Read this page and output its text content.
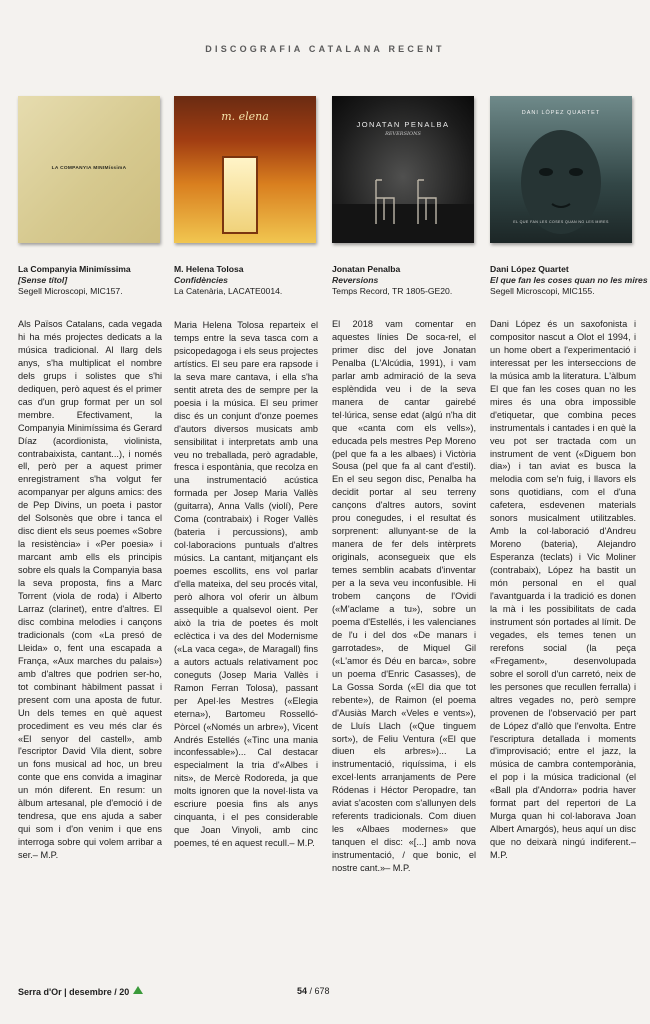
DISCOGRAFIA CATALANA RECENT
LA COMPANYIA MINIMíssimA
m. elena
JONATAN PENALBA
REVERSIONS
DANI LÓPEZ QUARTET
EL QUE FAN LES COSES QUAN NO LES MIRES
La Companyia Minimíssima
[Sense títol]
Segell Microscopi, MIC157.
M. Helena Tolosa
Confidències
La Catenària, LACATE0014.
Jonatan Penalba
Reversions
Temps Record, TR 1805-GE20.
Dani López Quartet
El que fan les coses quan no les mires
Segell Microscopi, MIC155.
Als Països Catalans, cada vegada hi ha més projectes dedicats a la música tradicional. Al llarg dels anys, s'ha multiplicat el nombre dels grups i solistes que s'hi dediquen, però aquest és el primer cas d'un grup format per un sol membre. Efectivament, la Companyia Minimíssima és Gerard Díaz (acordionista, violinista, contrabaixista, cantant...), i només ell, però per a aquest primer enregistrament s'ha volgut fer acompanyar per alguns amics: des de Pep Divins, un poeta i pastor del Solsonès que obre i tanca el disc dient els seus poemes «Sobre la resistència» i «Per poesia» i marcant amb ells els principis sobre els quals la Companyia basa la seva proposta, fins a Marc Torrent (viola de roda) i Alberto Larraz (clarinet), entre d'altres. El disc combina melodies i cançons tradicionals (com «La presó de Lleida» o, fent una escapada a França, «Aux marches du palais») amb d'altres que podrien ser-ho, tot combinant hàbilment passat i present com una aposta de futur. Un dels temes en què aquest procediment es veu més clar és «El senyor del castell», amb l'escriptor David Vila dient, sobre un fons musical ad hoc, un breu conte que ens convida a imaginar un món diferent. En resum: un àlbum artesanal, ple d'emoció i de tendresa, que ens ajuda a saber qui som i d'on venim i que ens interroga sobre qui volem arribar a ser.– M.P.
Maria Helena Tolosa reparteix el temps entre la seva tasca com a psicopedagoga i els seus projectes artístics. El seu pare era rapsode i la seva mare cantava, i ella s'ha sentit atreta des de sempre per la poesia i la música. El seu primer disc és un conjunt d'onze poemes d'autors diversos musicats amb sensibilitat i interpretats amb una veu no treballada, però agradable, fresca i espontània, que recolza en una instrumentació acústica formada per Josep Maria Vallès (guitarra), Anna Valls (violí), Pere Coma (contrabaix) i Roger Vallès (bateria i percussions), amb col·laboracions puntuals d'altres músics. La cantant, mitjançant els poemes escollits, ens vol parlar d'ella mateixa, del seu procés vital, però alhora vol oferir un àlbum assequible a qualsevol oient. Per això la tria de poetes és molt eclèctica i va des del Modernisme («La vaca cega», de Maragall) fins a autors actuals relativament poc coneguts (Josep Maria Vallès i Ramon Ferran Tolosa), passant per Apel·les Mestres («Elegia eterna»), Bartomeu Rosselló-Pòrcel («Només un arbre»), Vicent Andrés Estellés («Tinc una mania inconfessable»)... Cal destacar especialment la tria d'«Albes i nits», de Mercè Rodoreda, ja que molts ignoren que la novel·lista va escriure poesia fins als anys cinquanta, i el pes considerable que Joan Vinyoli, amb cinc poemes, té en aquest recull.– M.P.
El 2018 vam comentar en aquestes línies De soca-rel, el primer disc del jove Jonatan Penalba (L'Alcúdia, 1991), i vam parlar amb admiració de la seva esplèndida veu i de la seva manera de cantar gairebé tel·lúrica, sense edat (algú n'ha dit que «canta com els vells»), educada pels mestres Pep Moreno (pel que fa a les albaes) i Victòria Sousa (pel que fa al cant d'estil). En el seu segon disc, Penalba ha decidit portar al seu terreny cançons d'altres autors, sovint prou conegudes, i el resultat és sorprenent: allunyant-se de la manera de fer dels intèrprets originals, aconsegueix que els temes semblin acabats d'inventar per a la seva veu inconfusible. Hi trobem cançons de l'Ovidi («M'aclame a tu»), sobre un poema d'Estellés, i les valencianes de l'u i del dos «De manars i garrotades», de Miquel Gil («L'amor és Déu en barca», sobre un poema d'Enric Casasses), de La Gossa Sorda («El dia que tot rebente»), de Raimon (el poema d'Ausiàs March «Veles e vents»), de Lluís Llach («Que tinguem sort»), de Feliu Ventura («El que diuen els arbres»)... La instrumentació, riquíssima, i els excel·lents arranjaments de Pere Ródenas i Héctor Peropadre, tan aviat s'acosten com s'allunyen dels referents tradicionals. Com diuen les «Albaes modernes» que tanquen el disc: «[...] amb nova instrumentació, / que bonic, el nostre cant.»– M.P.
Dani López és un saxofonista i compositor nascut a Olot el 1994, i un home obert a l'experimentació i interessat per les interseccions de la música amb la literatura. L'àlbum El que fan les coses quan no les mires és una obra impossible d'etiquetar, que combina peces instrumentals i cantades i en què la veu pot ser tractada com un instrument de vent («Diguem bon dia») i tan aviat es busca la melodia com se'n fuig, i llavors els sons quotidians, com el d'una cafetera, esdevenen materials sonors musicalment utilitzables. Amb la col·laboració d'Andreu Moreno (bateria), Alejandro Esperanza (teclats) i Vic Moliner (contrabaix), López ha bastit un món personal en el qual l'avantguarda i la tradició es donen la mà i les possibilitats de cada instrument són portades al límit. De vegades, els temes tenen un rerefons social (la peça «Fregament», desenvolupada sobre el soroll d'un carretó, neix de les persones que recullen ferralla) i altres vegades no, però sempre provenen de l'observació per part de López d'allò que l'envolta. Entre l'escriptura detallada i moments d'improvisació; entre el jazz, la música de cambra contemporània, el pop i la música tradicional (el «Ball pla d'Andorra» podria haver format part del repertori de La Murga quan hi col·laborava Joan Albert Amargós), heus aquí un disc que no deixarà ningú indiferent.– M.P.
Serra d'Or | desembre / 20	54 / 678
